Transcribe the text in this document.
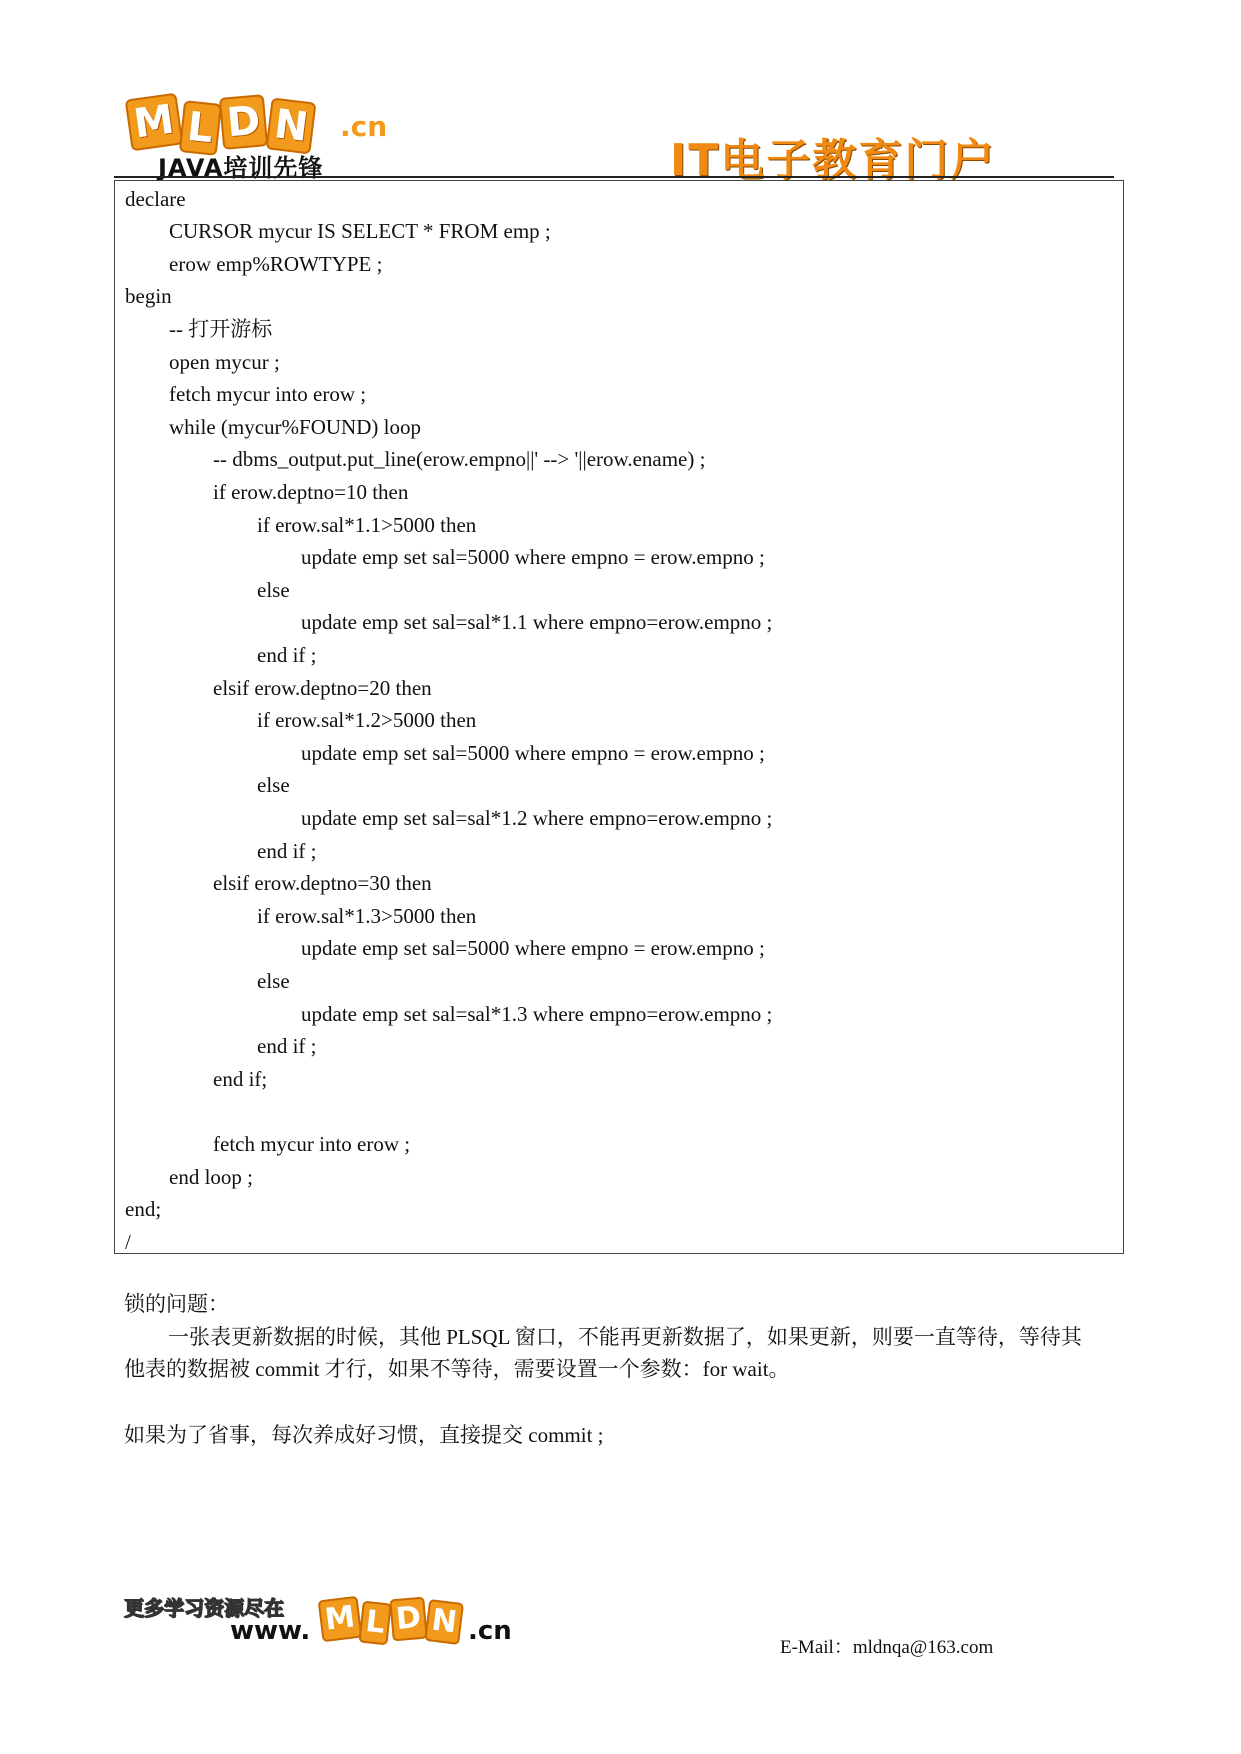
M L D N .cn
JAVA培训先锋	IT电子教育门户
declare
CURSOR mycur IS SELECT * FROM emp ;
erow emp%ROWTYPE ;
begin
-- 打开游标
open mycur ;
fetch mycur into erow ;
while (mycur%FOUND) loop
-- dbms_output.put_line(erow.empno||' --> '||erow.ename) ;
if erow.deptno=10 then
if erow.sal*1.1>5000 then
update emp set sal=5000 where empno = erow.empno ;
else
update emp set sal=sal*1.1 where empno=erow.empno ;
end if ;
elsif erow.deptno=20 then
if erow.sal*1.2>5000 then
update emp set sal=5000 where empno = erow.empno ;
else
update emp set sal=sal*1.2 where empno=erow.empno ;
end if ;
elsif erow.deptno=30 then
if erow.sal*1.3>5000 then
update emp set sal=5000 where empno = erow.empno ;
else
update emp set sal=sal*1.3 where empno=erow.empno ;
end if ;
end if;
fetch mycur into erow ;
end loop ;
end;
/
锁的问题：
一张表更新数据的时候，其他 PLSQL 窗口，不能再更新数据了，如果更新，则要一直等待，等待其
他表的数据被 commit 才行，如果不等待，需要设置一个参数：for wait。
如果为了省事，每次养成好习惯，直接提交 commit ;
更多学习资源尽在
www. M L D N .cn
E-Mail：mldnqa@163.com
